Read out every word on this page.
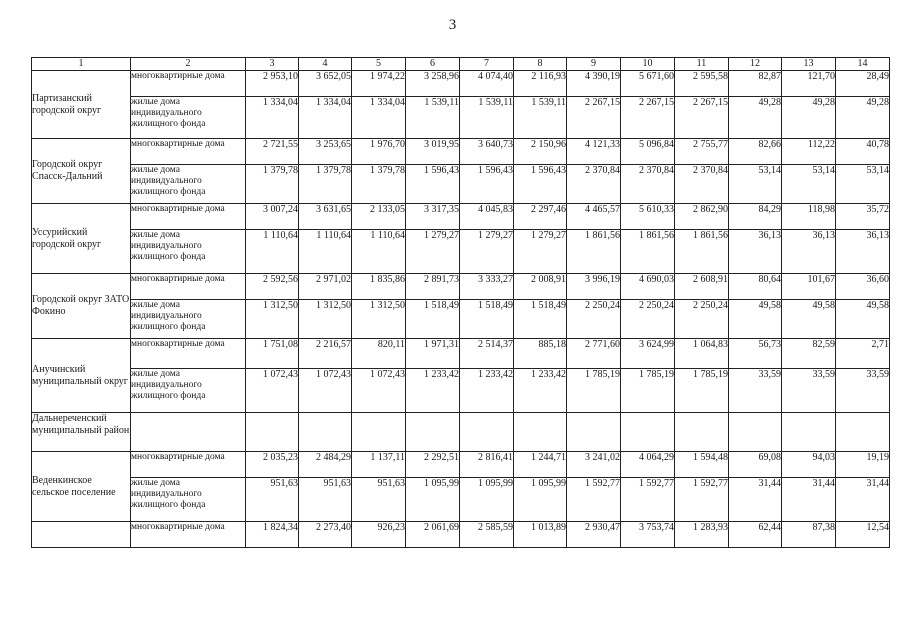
3
1	2	3	4	5	6	7	8	9	10	11	12	13	14
Партизанский городской округ	многоквартирные дома	2 953,10	3 652,05	1 974,22	3 258,96	4 074,40	2 116,93	4 390,19	5 671,60	2 595,58	82,87	121,70	28,49
	жилые дома индивидуального жилищного фонда	1 334,04	1 334,04	1 334,04	1 539,11	1 539,11	1 539,11	2 267,15	2 267,15	2 267,15	49,28	49,28	49,28
Городской округ Спасск-Дальний	многоквартирные дома	2 721,55	3 253,65	1 976,70	3 019,95	3 640,73	2 150,96	4 121,33	5 096,84	2 755,77	82,66	112,22	40,78
	жилые дома индивидуального жилищного фонда	1 379,78	1 379,78	1 379,78	1 596,43	1 596,43	1 596,43	2 370,84	2 370,84	2 370,84	53,14	53,14	53,14
Уссурийский городской округ	многоквартирные дома	3 007,24	3 631,65	2 133,05	3 317,35	4 045,83	2 297,46	4 465,57	5 610,33	2 862,90	84,29	118,98	35,72
	жилые дома индивидуального жилищного фонда	1 110,64	1 110,64	1 110,64	1 279,27	1 279,27	1 279,27	1 861,56	1 861,56	1 861,56	36,13	36,13	36,13
Городской округ ЗАТО Фокино	многоквартирные дома	2 592,56	2 971,02	1 835,86	2 891,73	3 333,27	2 008,91	3 996,19	4 690,03	2 608,91	80,64	101,67	36,60
	жилые дома индивидуального жилищного фонда	1 312,50	1 312,50	1 312,50	1 518,49	1 518,49	1 518,49	2 250,24	2 250,24	2 250,24	49,58	49,58	49,58
Анучинский муниципальный округ	многоквартирные дома	1 751,08	2 216,57	820,11	1 971,31	2 514,37	885,18	2 771,60	3 624,99	1 064,83	56,73	82,59	2,71
	жилые дома индивидуального жилищного фонда	1 072,43	1 072,43	1 072,43	1 233,42	1 233,42	1 233,42	1 785,19	1 785,19	1 785,19	33,59	33,59	33,59
Дальнереченский муниципальный район													
Веденкинское сельское поселение	многоквартирные дома	2 035,23	2 484,29	1 137,11	2 292,51	2 816,41	1 244,71	3 241,02	4 064,29	1 594,48	69,08	94,03	19,19
	жилые дома индивидуального жилищного фонда	951,63	951,63	951,63	1 095,99	1 095,99	1 095,99	1 592,77	1 592,77	1 592,77	31,44	31,44	31,44
	многоквартирные дома	1 824,34	2 273,40	926,23	2 061,69	2 585,59	1 013,89	2 930,47	3 753,74	1 283,93	62,44	87,38	12,54
